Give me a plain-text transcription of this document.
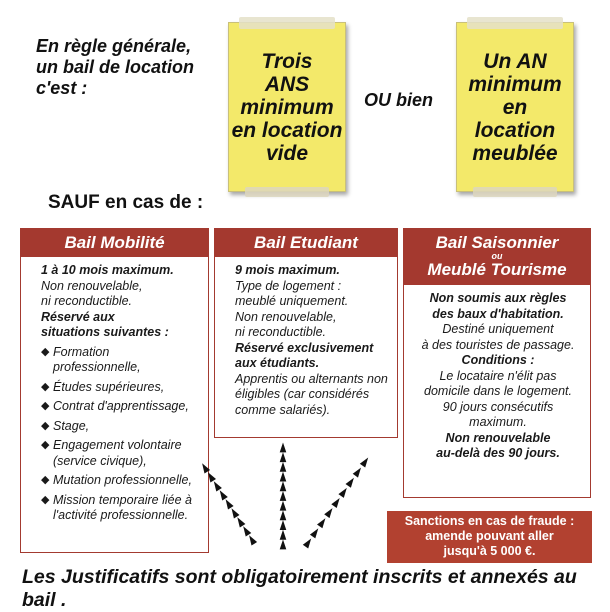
En règle générale,
un bail de location
c'est :
Trois
ANS
minimum
en location
vide
OU bien
Un AN
minimum
en
location
meublée
SAUF en cas de :
Bail Mobilité

1 à 10 mois maximum.

Non renouvelable,

ni reconductible.

Réservé aux

situations suivantes :

◆ Formation professionnelle,
◆ Études supérieures,
◆ Contrat d'apprentissage,
◆ Stage,
◆ Engagement volontaire (service civique),
◆ Mutation professionnelle,
◆ Mission temporaire liée à l'activité professionnelle.
Bail Etudiant

9 mois maximum.

Type de logement :

meublé uniquement.

Non renouvelable,

ni reconductible.

Réservé exclusivement

aux étudiants.

Apprentis ou alternants non

éligibles (car considérés

comme salariés).

Bail Saisonnier
ou
Meublé Tourisme

Non soumis aux règles

des baux d'habitation.

Destiné uniquement

à des touristes de passage.

Conditions :

Le locataire n'élit pas

domicile dans le logement.

90 jours consécutifs

maximum.

Non renouvelable

au-delà des 90 jours.

Sanctions en cas de fraude :
amende pouvant aller
jusqu'à 5 000 €.
Les Justificatifs sont obligatoirement inscrits et annexés au bail .
